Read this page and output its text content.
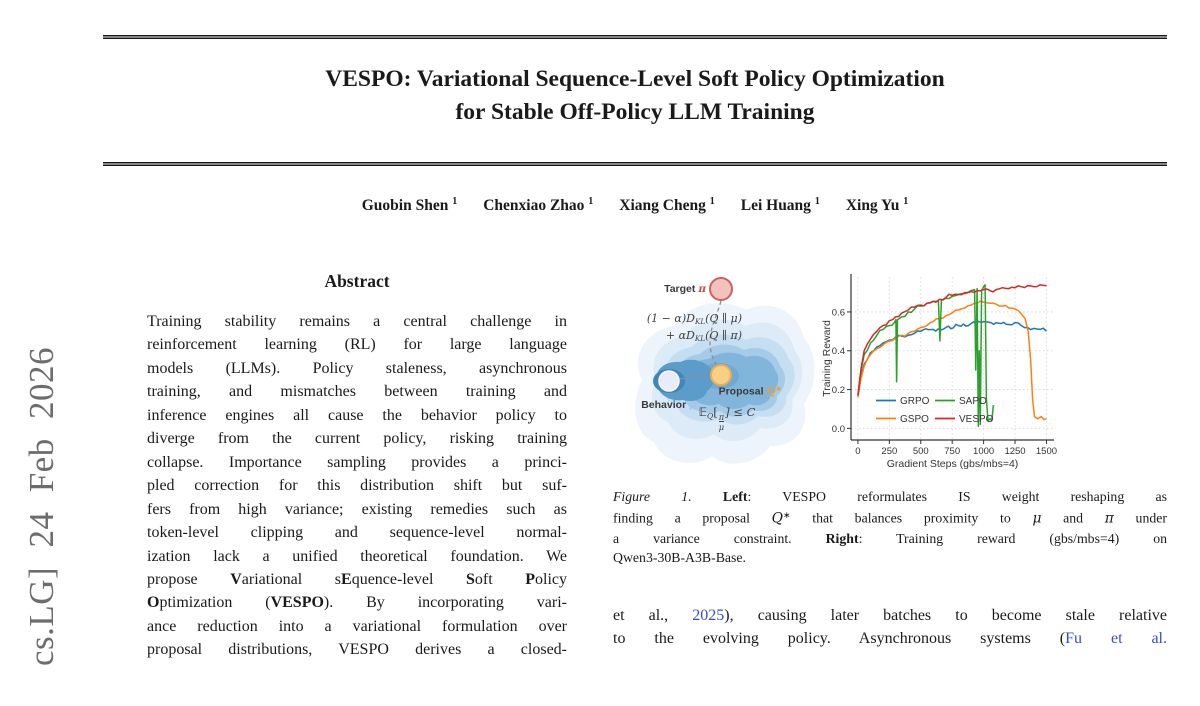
cs.LG] 24 Feb 2026
VESPO: Variational Sequence-Level Soft Policy Optimization
for Stable Off-Policy LLM Training
Guobin Shen $^1$ Chenxiao Zhao $^1$ Xiang Cheng $^1$ Lei Huang $^1$ Xing Yu $^1$
Abstract
Training stability remains a central challenge in
reinforcement learning (RL) for large language
models (LLMs). Policy staleness, asynchronous
training, and mismatches between training and
inference engines all cause the behavior policy to
diverge from the current policy, risking training
collapse. Importance sampling provides a princi-
pled correction for this distribution shift but suf-
fers from high variance; existing remedies such as
token-level clipping and sequence-level normal-
ization lack a unified theoretical foundation. We
propose Variational sEquence-level Soft Policy
Optimization (VESPO). By incorporating vari-
ance reduction into a variational formulation over
proposal distributions, VESPO derives a closed-
Target π
(1 − α)DKL(Q ∥ μ)
+ αDKL(Q ∥ π)
Behavior μ
Proposal Q∗
𝔼Q[
$\frac{\pi}{\mu}$
] ≤ C
0 250 500 750 1000 1250 1500
0.0
0.2
0.4
0.6
Gradient Steps (gbs/mbs=4)
Training Reward
GRPO
GSPO
SAPO
VESPO
Figure 1. Left: VESPO reformulates IS weight reshaping as
finding a proposal Q∗ that balances proximity to μ and π under
a variance constraint. Right: Training reward (gbs/mbs=4) on
Qwen3-30B-A3B-Base.
et al., 2025), causing later batches to become stale relative
to the evolving policy. Asynchronous systems (Fu et al.
